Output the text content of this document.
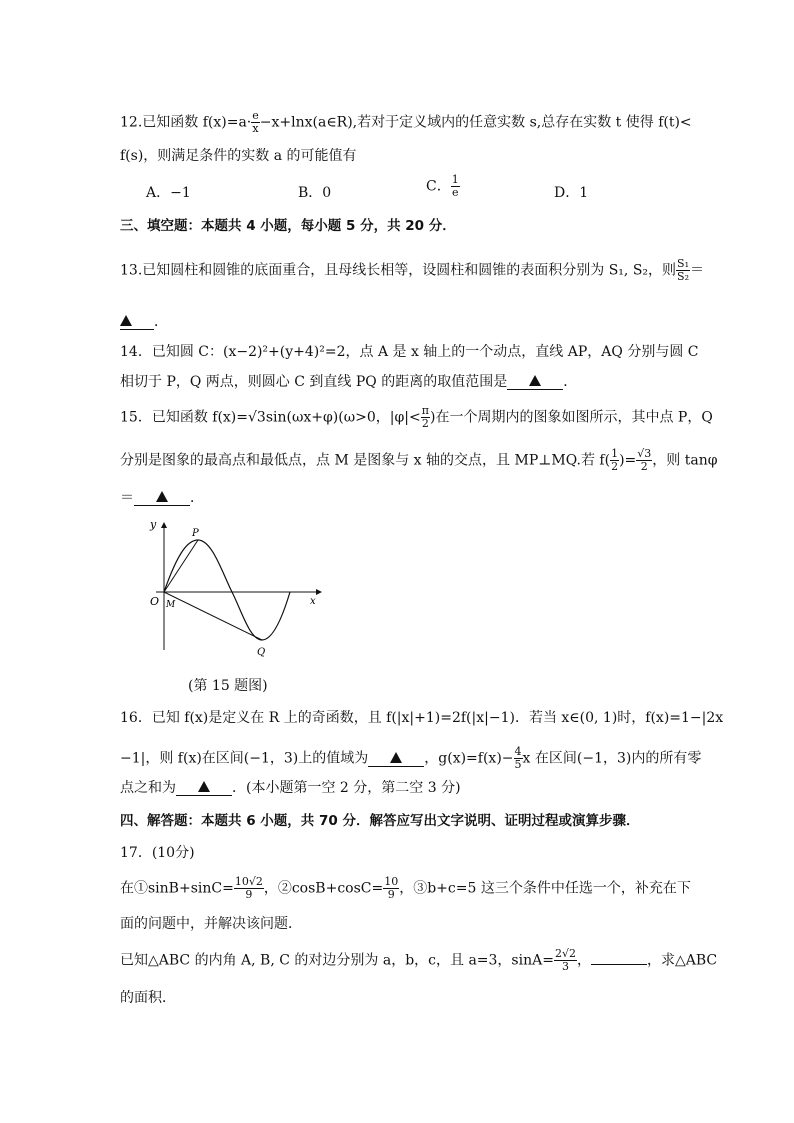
12.已知函数 $f(x)=a\cdot \frac{e}{x}$ −x+lnx(a∈R),若对于定义域内的任意实数 s,总存在实数 t 使得 f(t)<
f(s)，则满足条件的实数 a 的可能值有
A．−1	B．0	C． $\frac{1}{e}$	D．1
三、填空题：本题共 4 小题，每小题 5 分，共 20 分．
13.已知圆柱和圆锥的底面重合，且母线长相等，设圆柱和圆锥的表面积分别为 S₁, S₂，则 $\frac{\text{S₁}}{\text{S₂}}$ ＝
．
14．已知圆 C：(x−2)²+(y+4)²=2，点 A 是 x 轴上的一个动点，直线 AP，AQ 分别与圆 C
相切于 P，Q 两点，则圆心 C 到直线 PQ 的距离的取值范围是	．
15．已知函数 f(x)=√3sin(ωx+φ)(ω>0，$|\varphi|< \frac{\pi}{2}$ )在一个周期内的图象如图所示，其中点 P，Q
分别是图象的最高点和最低点，点 M 是图象与 x 轴的交点，且 MP⊥MQ.若 $f( \frac{1}{2}$ )= $\frac{√3}{2}$ ，则 tanφ
＝	．
y
x
O M
P
Q
(第 15 题图)
16．已知 f(x)是定义在 R 上的奇函数，且 f(|x|+1)=2f(|x|−1)．若当 x∈(0, 1)时，f(x)=1−|2x
−1|，则 f(x)在区间(−1，3)上的值域为	，$g(x)=f(x)- \frac{4}{5}$ x 在区间(−1，3)内的所有零
点之和为	．(本小题第一空 2 分，第二空 3 分)
四、解答题：本题共 6 小题，共 70 分．解答应写出文字说明、证明过程或演算步骤．
17．(10分)
在①sinB+sinC= $\frac{10√2}{9}$ ，②cosB+cosC= $\frac{10}{9}$ ，③b+c=5 这三个条件中任选一个，补充在下
面的问题中，并解决该问题．
已知△ABC 的内角 A, B, C 的对边分别为 a，b，c，且 a=3，$\sin A= \frac{2√2}{3}$ ，	，求△ABC
的面积．
